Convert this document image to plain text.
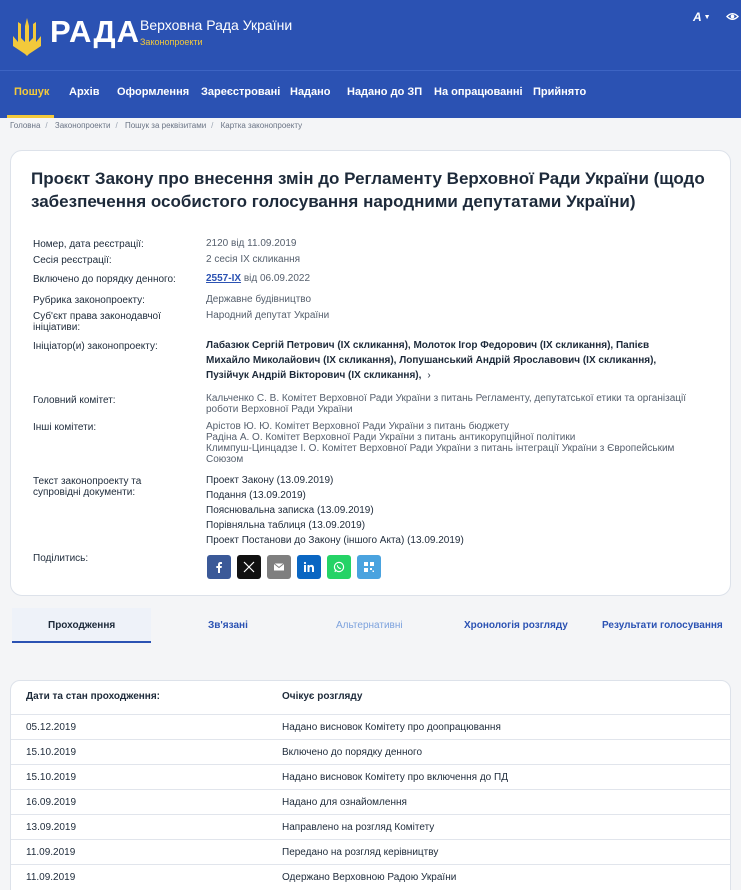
РАДА Верховна Рада України
Законопроекти
A ▼
Пошук Архів Оформлення Зареєстровані Надано Надано до ЗП На опрацюванні Прийнято
Головна / Законопроекти / Пошук за реквізитами / Картка законопроекту
Проєкт Закону про внесення змін до Регламенту Верховної Ради України (щодо забезпечення особистого голосування народними депутатами України)
Номер, дата реєстрації:	2120 від 11.09.2019
Сесія реєстрації:	2 сесія IX скликання
Включено до порядку денного:	2557-IX від 06.09.2022
Рубрика законопроекту:	Державне будівництво
Суб'єкт права законодавчої ініціативи:
Народний депутат України
Ініціатор(и) законопроекту:	Лабазюк Сергій Петрович (IX скликання), Молоток Ігор Федорович (IX скликання), Папієв Михайло Миколайович (IX скликання), Лопушанський Андрій Ярославович (IX скликання), Пузійчук Андрій Вікторович (IX скликання), ›
Головний комітет:	Кальченко С. В. Комітет Верховної Ради України з питань Регламенту, депутатської етики та організації роботи Верховної Ради України
Інші комітети:	Арістов Ю. Ю. Комітет Верховної Ради України з питань бюджету
Радіна А. О. Комітет Верховної Ради України з питань антикорупційної політики
Климпуш-Цинцадзе І. О. Комітет Верховної Ради України з питань інтеграції України з Європейським Союзом
Текст законопроекту та супровідні документи:
Проект Закону (13.09.2019)
Подання (13.09.2019)
Пояснювальна записка (13.09.2019)
Порівняльна таблиця (13.09.2019)
Проект Постанови до Закону (іншого Акта) (13.09.2019)
Поділитись:
Проходження	Зв'язані	Альтернативні	Хронологія розгляду	Результати голосування
Дати та стан проходження:	Очікує розгляду
05.12.2019	Надано висновок Комітету про доопрацювання
15.10.2019	Включено до порядку денного
15.10.2019	Надано висновок Комітету про включення до ПД
16.09.2019	Надано для ознайомлення
13.09.2019	Направлено на розгляд Комітету
11.09.2019	Передано на розгляд керівництву
11.09.2019	Одержано Верховною Радою України
